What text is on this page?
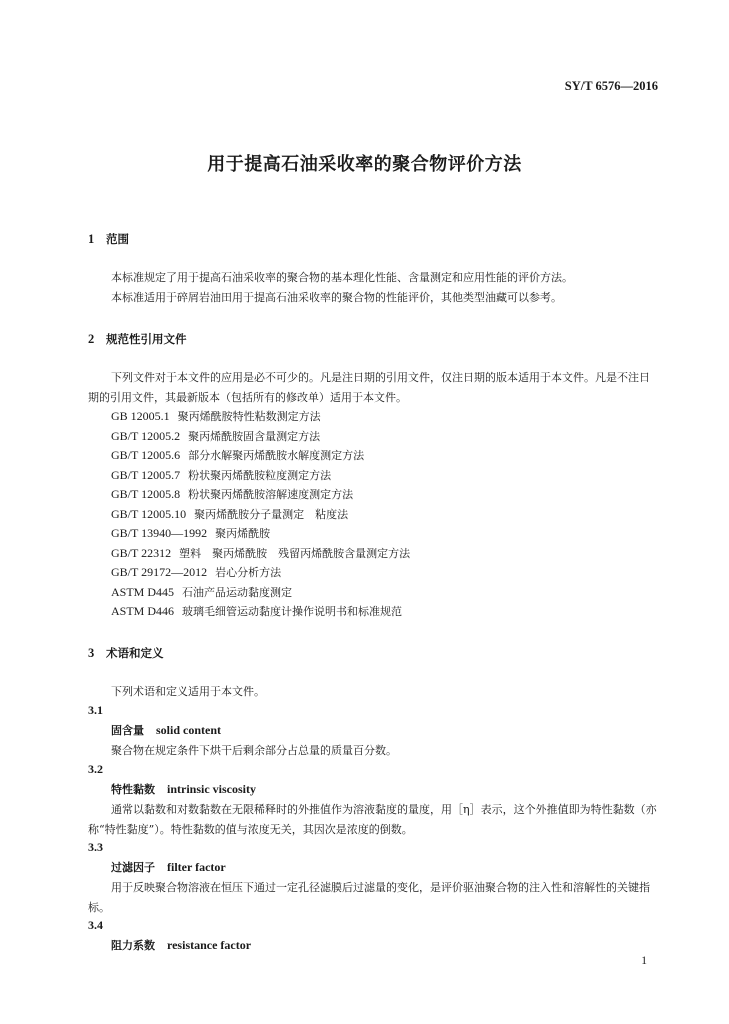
SY/T 6576—2016
用于提高石油采收率的聚合物评价方法
1 范围
本标准规定了用于提高石油采收率的聚合物的基本理化性能、含量测定和应用性能的评价方法。
本标准适用于碎屑岩油田用于提高石油采收率的聚合物的性能评价，其他类型油藏可以参考。
2 规范性引用文件
下列文件对于本文件的应用是必不可少的。凡是注日期的引用文件，仅注日期的版本适用于本文件。凡是不注日期的引用文件，其最新版本（包括所有的修改单）适用于本文件。
GB 12005.1 聚丙烯酰胺特性粘数测定方法
GB/T 12005.2 聚丙烯酰胺固含量测定方法
GB/T 12005.6 部分水解聚丙烯酰胺水解度测定方法
GB/T 12005.7 粉状聚丙烯酰胺粒度测定方法
GB/T 12005.8 粉状聚丙烯酰胺溶解速度测定方法
GB/T 12005.10 聚丙烯酰胺分子量测定　粘度法
GB/T 13940—1992 聚丙烯酰胺
GB/T 22312 塑料　聚丙烯酰胺　残留丙烯酰胺含量测定方法
GB/T 29172—2012 岩心分析方法
ASTM D445 石油产品运动黏度测定
ASTM D446 玻璃毛细管运动黏度计操作说明书和标准规范
3 术语和定义
下列术语和定义适用于本文件。
3.1
固含量 solid content
聚合物在规定条件下烘干后剩余部分占总量的质量百分数。
3.2
特性黏数 intrinsic viscosity
通常以黏数和对数黏数在无限稀释时的外推值作为溶液黏度的量度，用［η］表示，这个外推值即为特性黏数（亦称“特性黏度”）。特性黏数的值与浓度无关，其因次是浓度的倒数。
3.3
过滤因子 filter factor
用于反映聚合物溶液在恒压下通过一定孔径滤膜后过滤量的变化，是评价驱油聚合物的注入性和溶解性的关键指标。
3.4
阻力系数 resistance factor
1
